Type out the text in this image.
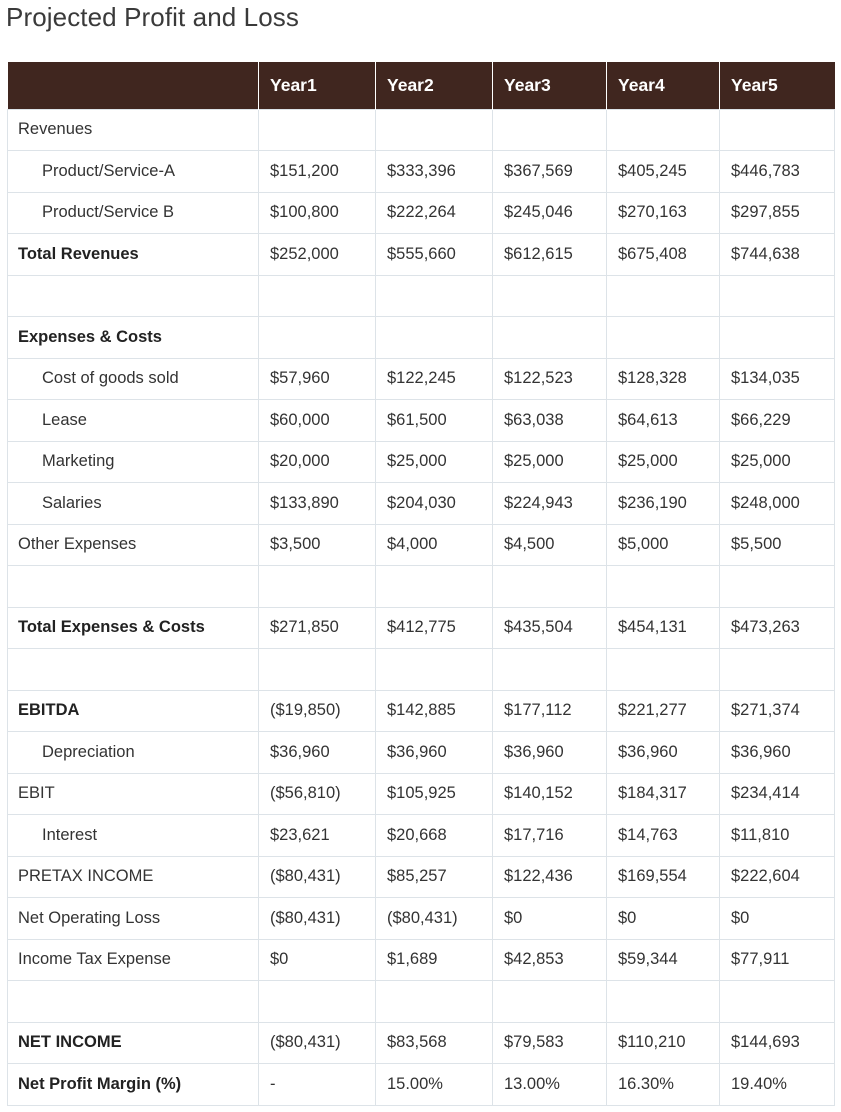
Projected Profit and Loss
	Year1	Year2	Year3	Year4	Year5
Revenues					
Product/Service-A	$151,200	$333,396	$367,569	$405,245	$446,783
Product/Service B	$100,800	$222,264	$245,046	$270,163	$297,855
Total Revenues	$252,000	$555,660	$612,615	$675,408	$744,638

Expenses & Costs					
Cost of goods sold	$57,960	$122,245	$122,523	$128,328	$134,035
Lease	$60,000	$61,500	$63,038	$64,613	$66,229
Marketing	$20,000	$25,000	$25,000	$25,000	$25,000
Salaries	$133,890	$204,030	$224,943	$236,190	$248,000
Other Expenses	$3,500	$4,000	$4,500	$5,000	$5,500

Total Expenses & Costs	$271,850	$412,775	$435,504	$454,131	$473,263

EBITDA	($19,850)	$142,885	$177,112	$221,277	$271,374
Depreciation	$36,960	$36,960	$36,960	$36,960	$36,960
EBIT	($56,810)	$105,925	$140,152	$184,317	$234,414
Interest	$23,621	$20,668	$17,716	$14,763	$11,810
PRETAX INCOME	($80,431)	$85,257	$122,436	$169,554	$222,604
Net Operating Loss	($80,431)	($80,431)	$0	$0	$0
Income Tax Expense	$0	$1,689	$42,853	$59,344	$77,911

NET INCOME	($80,431)	$83,568	$79,583	$110,210	$144,693
Net Profit Margin (%)	-	15.00%	13.00%	16.30%	19.40%
